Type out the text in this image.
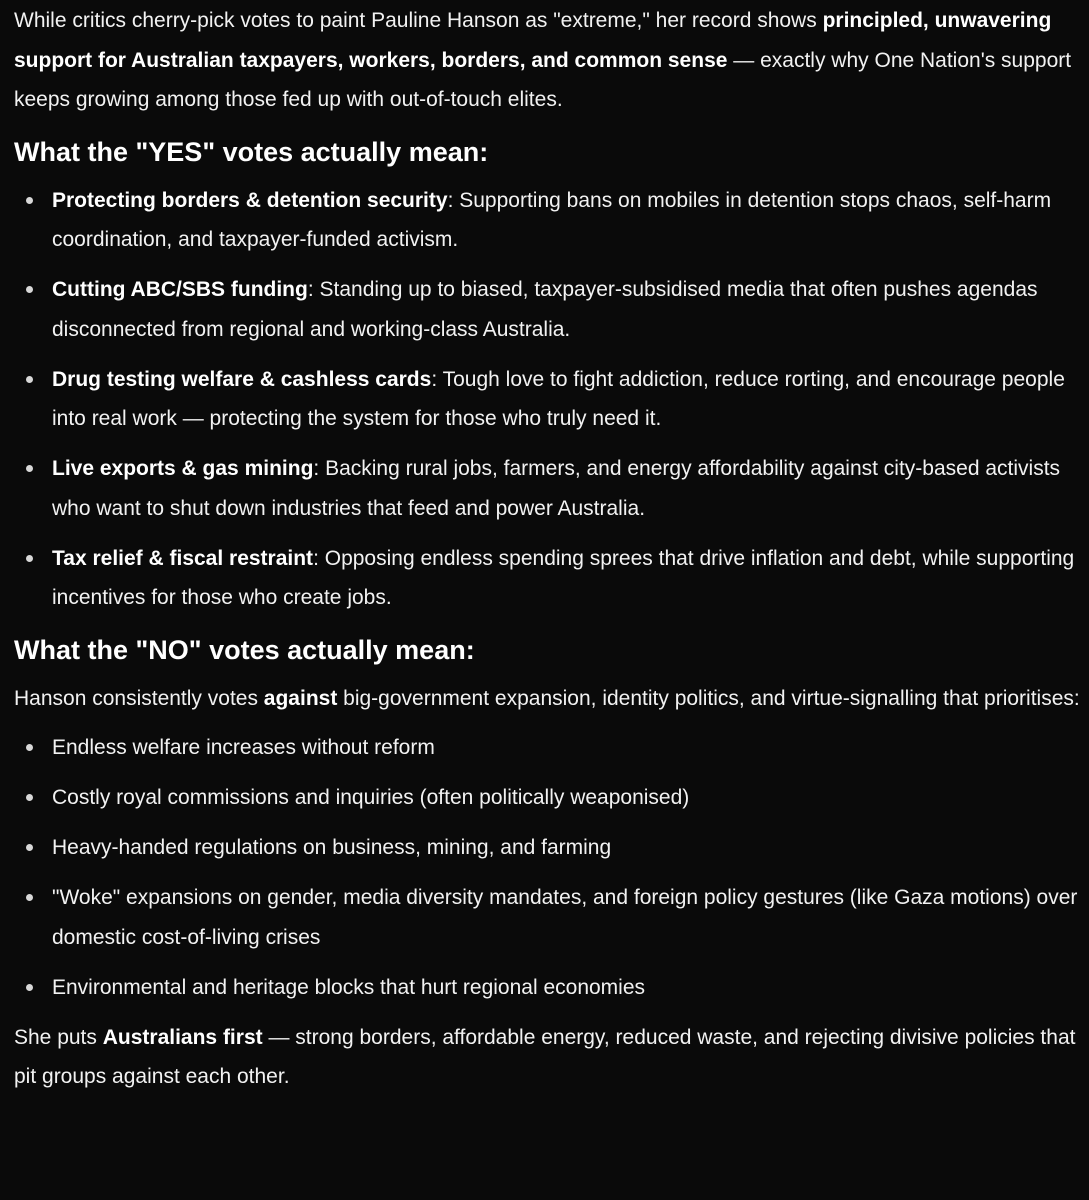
While critics cherry-pick votes to paint Pauline Hanson as "extreme," her record shows principled, unwavering support for Australian taxpayers, workers, borders, and common sense — exactly why One Nation's support keeps growing among those fed up with out-of-touch elites.

What the "YES" votes actually mean:
Protecting borders & detention security: Supporting bans on mobiles in detention stops chaos, self-harm coordination, and taxpayer-funded activism.
Cutting ABC/SBS funding: Standing up to biased, taxpayer-subsidised media that often pushes agendas disconnected from regional and working-class Australia.
Drug testing welfare & cashless cards: Tough love to fight addiction, reduce rorting, and encourage people into real work — protecting the system for those who truly need it.
Live exports & gas mining: Backing rural jobs, farmers, and energy affordability against city-based activists who want to shut down industries that feed and power Australia.
Tax relief & fiscal restraint: Opposing endless spending sprees that drive inflation and debt, while supporting incentives for those who create jobs.
What the "NO" votes actually mean:

Hanson consistently votes against big-government expansion, identity politics, and virtue-signalling that prioritises:

Endless welfare increases without reform
Costly royal commissions and inquiries (often politically weaponised)
Heavy-handed regulations on business, mining, and farming
"Woke" expansions on gender, media diversity mandates, and foreign policy gestures (like Gaza motions) over domestic cost-of-living crises
Environmental and heritage blocks that hurt regional economies

She puts Australians first — strong borders, affordable energy, reduced waste, and rejecting divisive policies that pit groups against each other.
